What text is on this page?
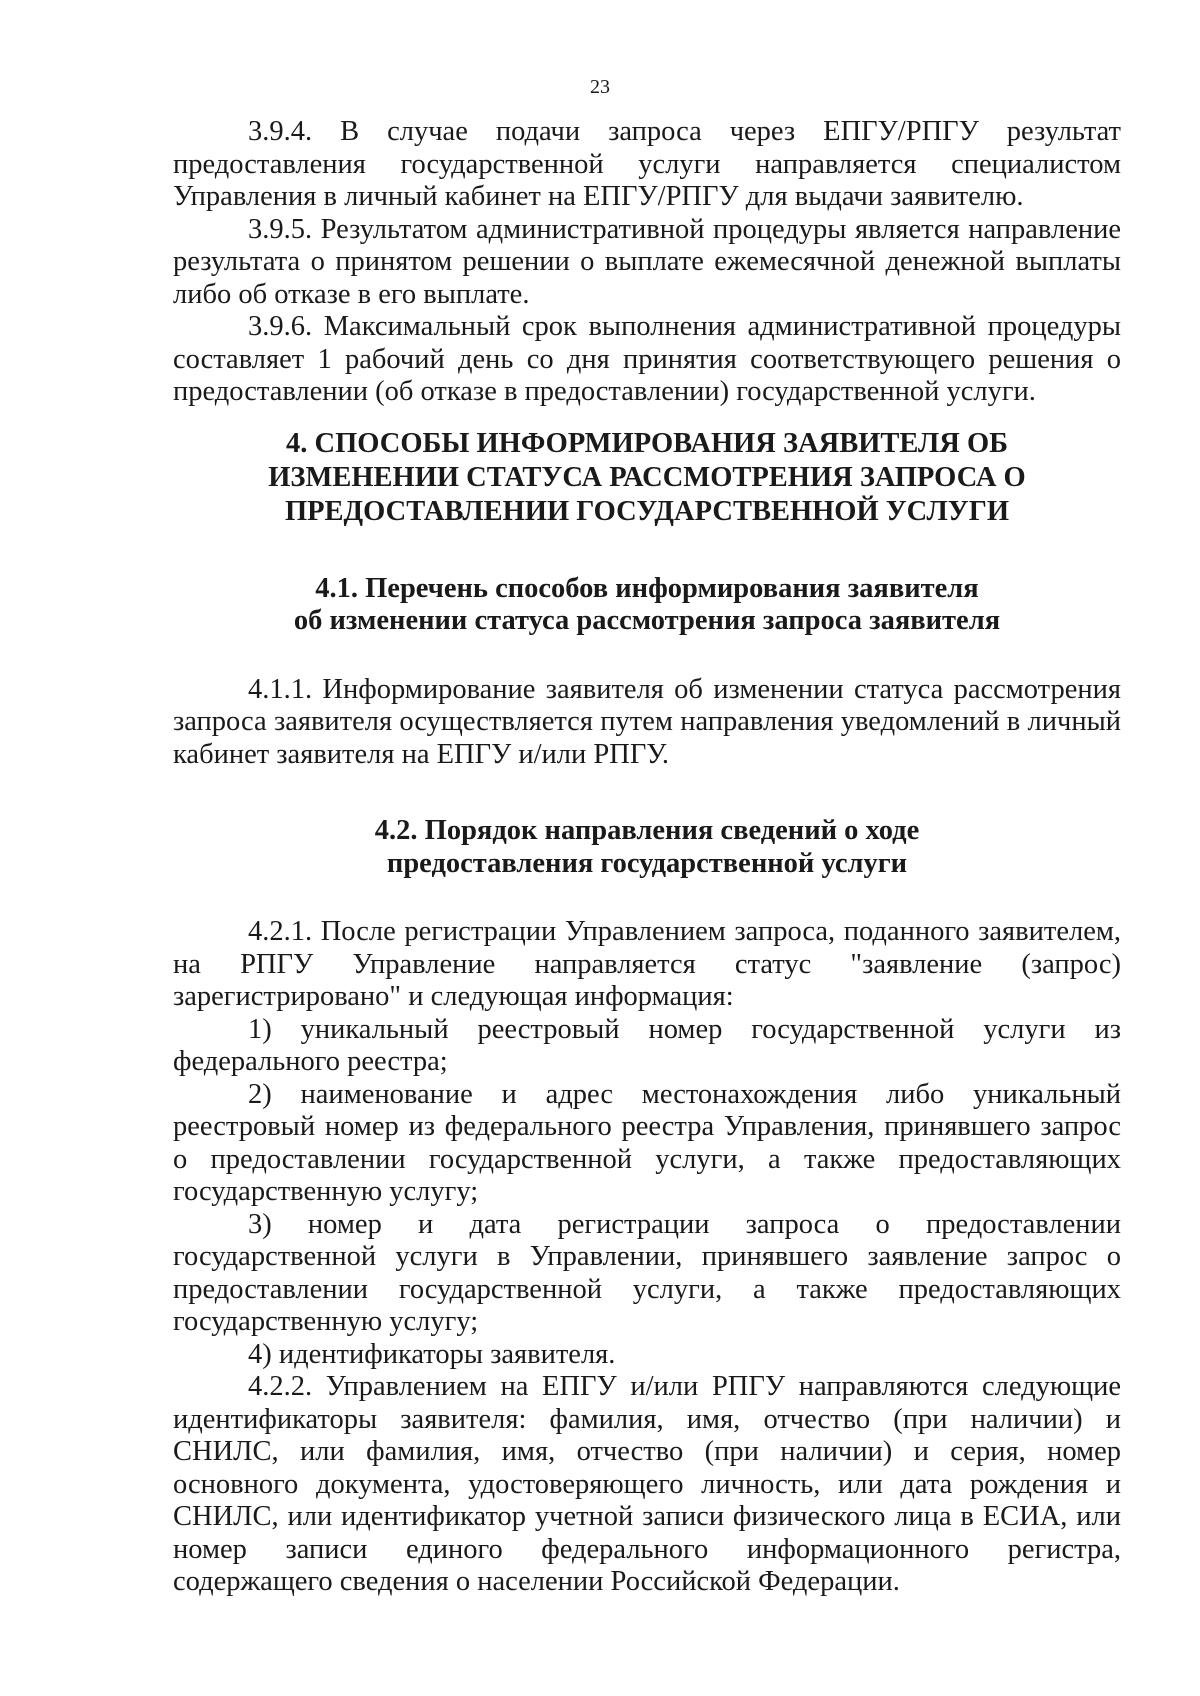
23

3.9.4. В случае подачи запроса через ЕПГУ/РПГУ результат предоставления государственной услуги направляется специалистом Управления в личный кабинет на ЕПГУ/РПГУ для выдачи заявителю.

3.9.5. Результатом административной процедуры является направление результата о принятом решении о выплате ежемесячной денежной выплаты либо об отказе в его выплате.

3.9.6. Максимальный срок выполнения административной процедуры составляет 1 рабочий день со дня принятия соответствующего решения о предоставлении (об отказе в предоставлении) государственной услуги.

4. СПОСОБЫ ИНФОРМИРОВАНИЯ ЗАЯВИТЕЛЯ ОБ
ИЗМЕНЕНИИ СТАТУСА РАССМОТРЕНИЯ ЗАПРОСА О
ПРЕДОСТАВЛЕНИИ ГОСУДАРСТВЕННОЙ УСЛУГИ
4.1. Перечень способов информирования заявителя
об изменении статуса рассмотрения запроса заявителя

4.1.1. Информирование заявителя об изменении статуса рассмотрения запроса заявителя осуществляется путем направления уведомлений в личный кабинет заявителя на ЕПГУ и/или РПГУ.

4.2. Порядок направления сведений о ходе
предоставления государственной услуги

4.2.1. После регистрации Управлением запроса, поданного заявителем, на РПГУ Управление направляется статус "заявление (запрос) зарегистрировано" и следующая информация:

1) уникальный реестровый номер государственной услуги из федерального реестра;

2) наименование и адрес местонахождения либо уникальный реестровый номер из федерального реестра Управления, принявшего запрос о предоставлении государственной услуги, а также предоставляющих государственную услугу;

3) номер и дата регистрации запроса о предоставлении государственной услуги в Управлении, принявшего заявление запрос о предоставлении государственной услуги, а также предоставляющих государственную услугу;

4) идентификаторы заявителя.

4.2.2. Управлением на ЕПГУ и/или РПГУ направляются следующие идентификаторы заявителя: фамилия, имя, отчество (при наличии) и СНИЛС, или фамилия, имя, отчество (при наличии) и серия, номер основного документа, удостоверяющего личность, или дата рождения и СНИЛС, или идентификатор учетной записи физического лица в ЕСИА, или номер записи единого федерального информационного регистра, содержащего сведения о населении Российской Федерации.
